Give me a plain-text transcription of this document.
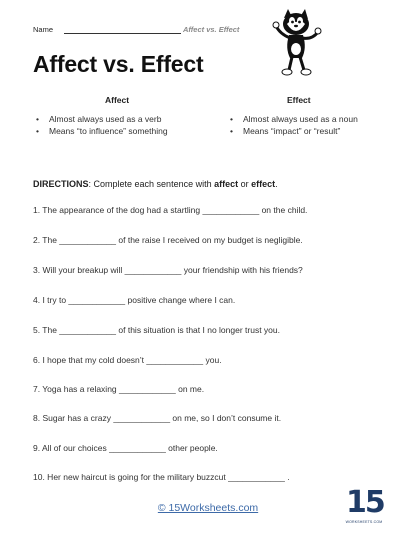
Name	Affect vs. Effect
Affect vs. Effect
Affect	Effect
• Almost always used as a verb
• Means “to influence” something
• Almost always used as a noun
• Means “impact” or “result”
DIRECTIONS: Complete each sentence with affect or effect.
1. The appearance of the dog had a startling ____________ on the child.
2. The ____________ of the raise I received on my budget is negligible.
3. Will your breakup will ____________ your friendship with his friends?
4. I try to ____________ positive change where I can.
5. The ____________ of this situation is that I no longer trust you.
6. I hope that my cold doesn’t ____________ you.
7. Yoga has a relaxing ____________ on me.
8. Sugar has a crazy ____________ on me, so I don’t consume it.
9. All of our choices ____________ other people.
10. Her new haircut is going for the military buzzcut ____________ .
© 15Worksheets.com	15
WORKSHEETS.COM
